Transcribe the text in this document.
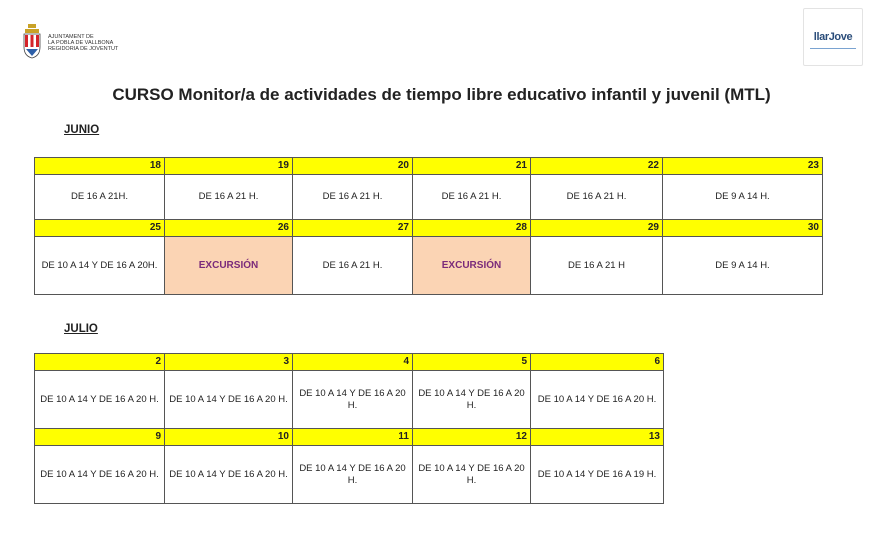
AJUNTAMENT DE
LA POBLA DE VALLBONA
REGIDORIA DE JOVENTUT
llarJove
CURSO Monitor/a de actividades de tiempo libre educativo infantil y juvenil (MTL)
JUNIO
18	19	20	21	22	23
DE 16 A 21H.	DE 16 A 21 H.	DE 16 A 21 H.	DE 16 A 21 H.	DE 16 A 21 H.	DE 9 A 14 H.
25	26	27	28	29	30
DE 10 A 14 Y DE 16 A 20H.	EXCURSIÓN	DE 16 A 21 H.	EXCURSIÓN	DE 16 A 21 H	DE 9 A 14 H.
JULIO
2	3	4	5	6
DE 10 A 14 Y DE 16 A 20 H.	DE 10 A 14 Y DE 16 A 20 H.	DE 10 A 14 Y DE 16 A 20 H.	DE 10 A 14 Y DE 16 A 20 H.	DE 10 A 14 Y DE 16 A 20 H.
9	10	11	12	13
DE 10 A 14 Y DE 16 A 20 H.	DE 10 A 14 Y DE 16 A 20 H.	DE 10 A 14 Y DE 16 A 20 H.	DE 10 A 14 Y DE 16 A 20 H.	DE 10 A 14 Y DE 16 A 19 H.
